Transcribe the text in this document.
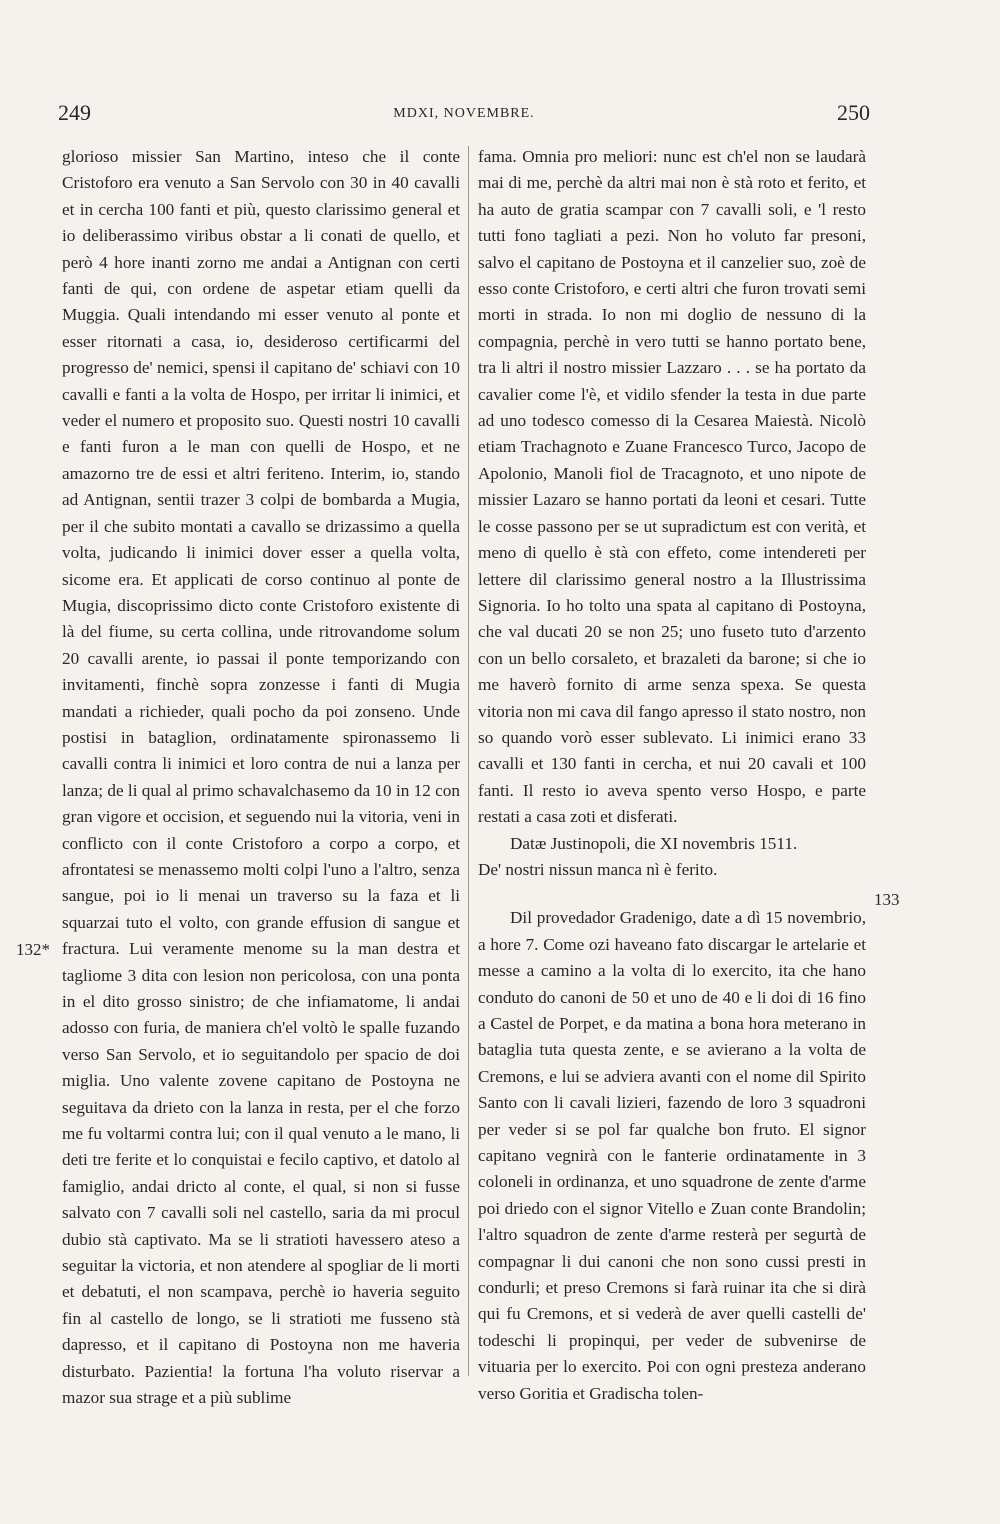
249	MDXI, NOVEMBRE.	250

glorioso missier San Martino, inteso che il conte Cristoforo era venuto a San Servolo con 30 in 40 cavalli et in cercha 100 fanti et più, questo clarissimo general et io deliberassimo viribus obstar a li conati de quello, et però 4 hore inanti zorno me andai a Antignan con certi fanti de qui, con ordene de aspetar etiam quelli da Muggia. Quali intendando mi esser venuto al ponte et esser ritornati a casa, io, desideroso certificarmi del progresso de' nemici, spensi il capitano de' schiavi con 10 cavalli e fanti a la volta de Hospo, per irritar li inimici, et veder el numero et proposito suo. Questi nostri 10 cavalli e fanti furon a le man con quelli de Hospo, et ne amazorno tre de essi et altri feriteno. Interim, io, stando ad Antignan, sentii trazer 3 colpi de bombarda a Mugia, per il che subito montati a cavallo se drizassimo a quella volta, judicando li inimici dover esser a quella volta, sicome era. Et applicati de corso continuo al ponte de Mugia, discoprissimo dicto conte Cristoforo existente di là del fiume, su certa collina, unde ritrovandome solum 20 cavalli arente, io passai il ponte temporizando con invitamenti, finchè sopra zonzesse i fanti di Mugia mandati a richieder, quali pocho da poi zonseno. Unde postisi in bataglion, ordinatamente spironassemo li cavalli contra li inimici et loro contra de nui a lanza per lanza; de li qual al primo schavalchasemo da 10 in 12 con gran vigore et occision, et seguendo nui la vitoria, veni in conflicto con il conte Cristoforo a corpo a corpo, et afrontatesi se menassemo molti colpi l'uno a l'altro, senza sangue, poi io li menai un traverso su la faza et li squarzai tuto el volto, con grande effusion di sangue et fractura. Lui veramente menome su la man destra et tagliome 3 dita con lesion non pericolosa, con una ponta in el dito grosso sinistro; de che infiamatome, li andai adosso con furia, de maniera ch'el voltò le spalle fuzando verso San Servolo, et io seguitandolo per spacio de doi miglia. Uno valente zovene capitano de Postoyna ne seguitava da drieto con la lanza in resta, per el che forzo me fu voltarmi contra lui; con il qual venuto a le mano, li deti tre ferite et lo conquistai e fecilo captivo, et datolo al famiglio, andai dricto al conte, el qual, si non si fusse salvato con 7 cavalli soli nel castello, saria da mi procul dubio stà captivato. Ma se li stratioti havessero ateso a seguitar la victoria, et non atendere al spogliar de li morti et debatuti, el non scampava, perchè io haveria seguito fin al castello de longo, se li stratioti me fusseno stà dapresso, et il capitano di Postoyna non me haveria disturbato. Pazientia! la fortuna l'ha voluto riservar a mazor sua strage et a più sublime

fama. Omnia pro meliori: nunc est ch'el non se laudarà mai di me, perchè da altri mai non è stà roto et ferito, et ha auto de gratia scampar con 7 cavalli soli, e 'l resto tutti fono tagliati a pezi. Non ho voluto far presoni, salvo el capitano de Postoyna et il canzelier suo, zoè de esso conte Cristoforo, e certi altri che furon trovati semi morti in strada. Io non mi doglio de nessuno di la compagnia, perchè in vero tutti se hanno portato bene, tra li altri il nostro missier Lazzaro . . . se ha portato da cavalier come l'è, et vidilo sfender la testa in due parte ad uno todesco comesso di la Cesarea Maiestà. Nicolò etiam Trachagnoto e Zuane Francesco Turco, Jacopo de Apolonio, Manoli fiol de Tracagnoto, et uno nipote de missier Lazaro se hanno portati da leoni et cesari. Tutte le cosse passono per se ut supradictum est con verità, et meno di quello è stà con effeto, come intendereti per lettere dil clarissimo general nostro a la Illustrissima Signoria. Io ho tolto una spata al capitano di Postoyna, che val ducati 20 se non 25; uno fuseto tuto d'arzento con un bello corsaleto, et brazaleti da barone; si che io me haverò fornito di arme senza spexa. Se questa vitoria non mi cava dil fango apresso il stato nostro, non so quando vorò esser sublevato. Li inimici erano 33 cavalli et 130 fanti in cercha, et nui 20 cavali et 100 fanti. Il resto io aveva spento verso Hospo, e parte restati a casa zoti et disferati.

Datæ Justinopoli, die XI novembris 1511.

De' nostri nissun manca nì è ferito.

Dil provedador Gradenigo, date a dì 15 novembrio, a hore 7. Come ozi haveano fato discargar le artelarie et messe a camino a la volta di lo exercito, ita che hano conduto do canoni de 50 et uno de 40 e li doi di 16 fino a Castel de Porpet, e da matina a bona hora meterano in bataglia tuta questa zente, e se avierano a la volta de Cremons, e lui se adviera avanti con el nome dil Spirito Santo con li cavali lizieri, fazendo de loro 3 squadroni per veder si se pol far qualche bon fruto. El signor capitano vegnirà con le fanterie ordinatamente in 3 coloneli in ordinanza, et uno squadrone de zente d'arme poi driedo con el signor Vitello e Zuan conte Brandolin; l'altro squadron de zente d'arme resterà per segurtà de compagnar li dui canoni che non sono cussi presti in condurli; et preso Cremons si farà ruinar ita che si dirà qui fu Cremons, et si vederà de aver quelli castelli de' todeschi li propinqui, per veder de subvenirse de vituaria per lo exercito. Poi con ogni presteza anderano verso Goritia et Gradischa tolen-

132*
133
